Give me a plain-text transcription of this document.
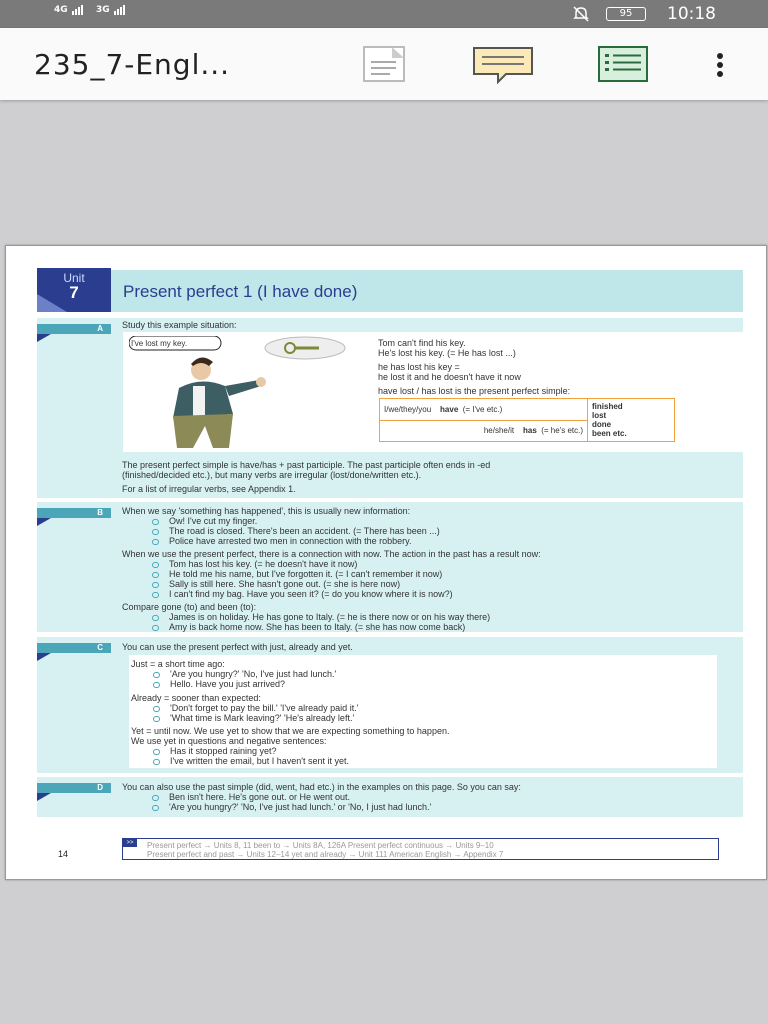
4G	3G	95	10:18
235_7-Engl...
Unit
7	Present perfect 1 (I have done)
A	Study this example situation:
I've lost my key.	Tom can't find his key.
He's lost his key. (= He has lost ...)
he has lost his key =
he lost it and he doesn't have it now
have lost / has lost is the present perfect simple:
I/we/they/you have (= I've etc.)	finished
lost
done
been etc.
he/she/it has (= he's etc.)
The present perfect simple is have/has + past participle. The past participle often ends in -ed
(finished/decided etc.), but many verbs are irregular (lost/done/written etc.).
For a list of irregular verbs, see Appendix 1.
B	When we say 'something has happened', this is usually new information:
Ow! I've cut my finger.
The road is closed. There's been an accident. (= There has been ...)
Police have arrested two men in connection with the robbery.
When we use the present perfect, there is a connection with now. The action in the past has a result now:
Tom has lost his key. (= he doesn't have it now)
He told me his name, but I've forgotten it. (= I can't remember it now)
Sally is still here. She hasn't gone out. (= she is here now)
I can't find my bag. Have you seen it? (= do you know where it is now?)
Compare gone (to) and been (to):
James is on holiday. He has gone to Italy. (= he is there now or on his way there)
Amy is back home now. She has been to Italy. (= she has now come back)
C	You can use the present perfect with just, already and yet.
Just = a short time ago:
'Are you hungry?' 'No, I've just had lunch.'
Hello. Have you just arrived?
Already = sooner than expected:
'Don't forget to pay the bill.' 'I've already paid it.'
'What time is Mark leaving?' 'He's already left.'
Yet = until now. We use yet to show that we are expecting something to happen.
We use yet in questions and negative sentences:
Has it stopped raining yet?
I've written the email, but I haven't sent it yet.
D	You can also use the past simple (did, went, had etc.) in the examples on this page. So you can say:
Ben isn't here. He's gone out. or He went out.
'Are you hungry?' 'No, I've just had lunch.' or 'No, I just had lunch.'
>>	Present perfect → Units 8, 11 been to → Units 8A, 126A Present perfect continuous → Units 9–10
Present perfect and past → Units 12–14 yet and already → Unit 111 American English → Appendix 7
14
